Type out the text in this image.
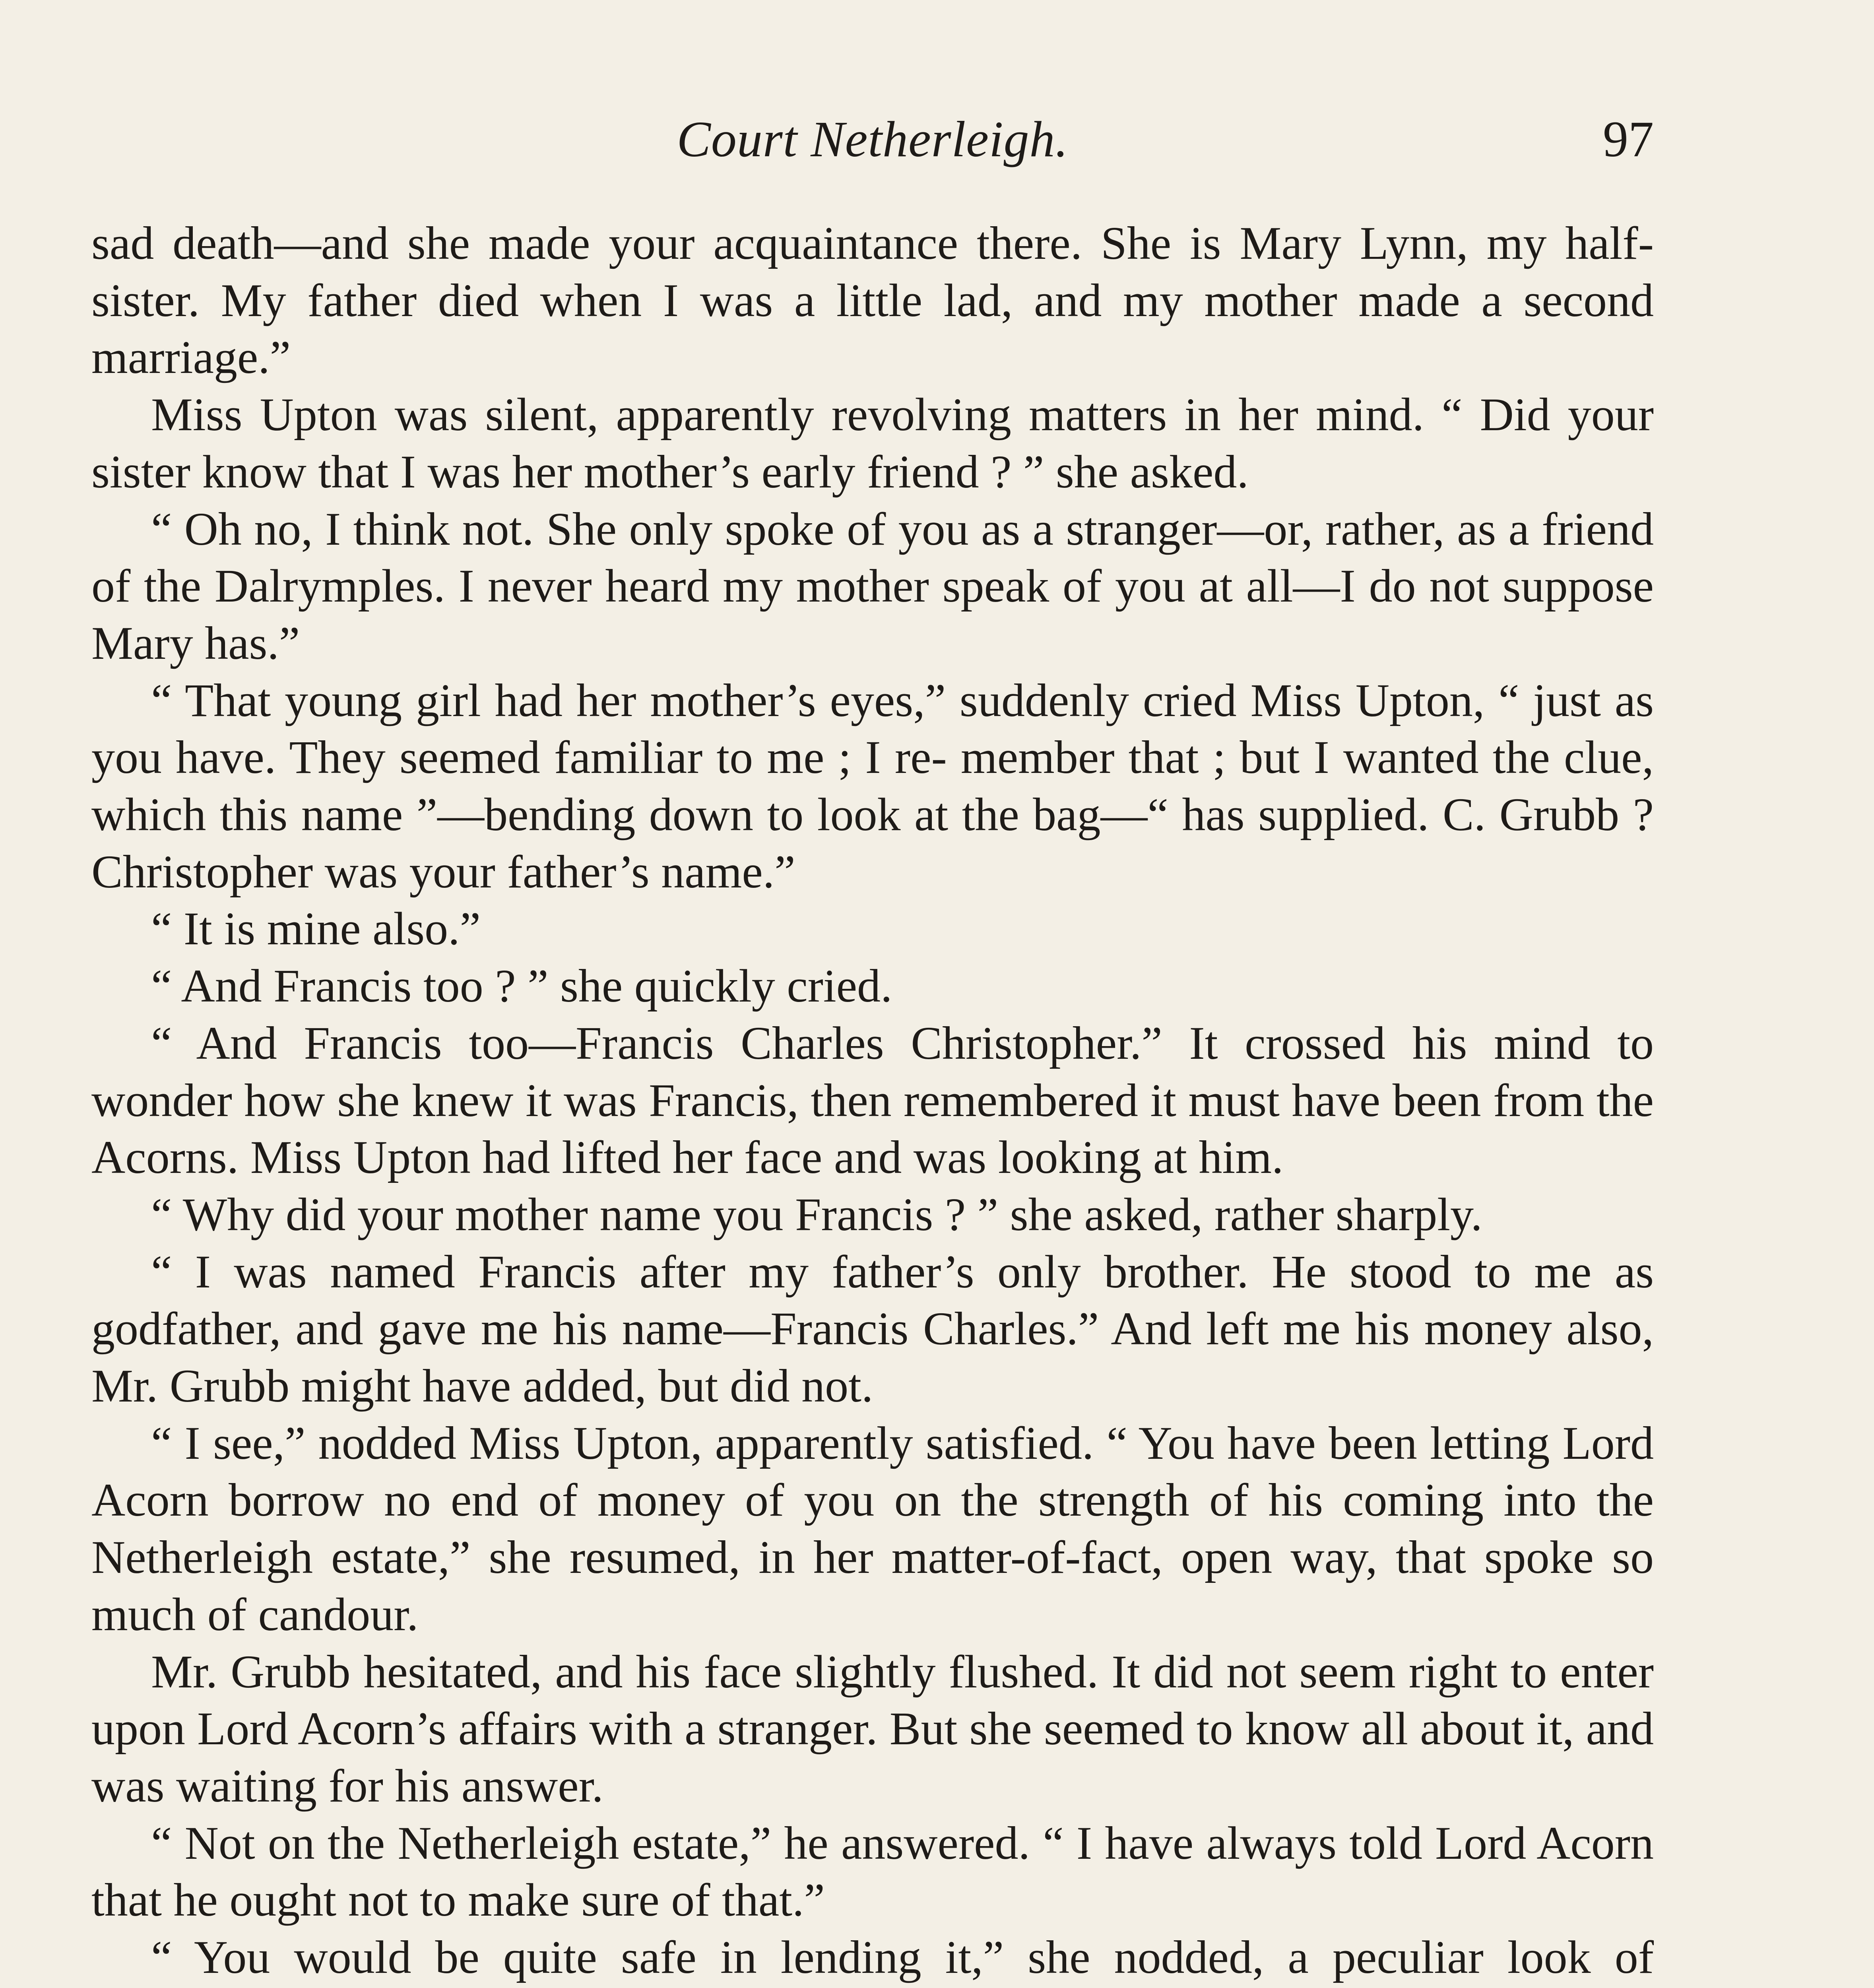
Court Netherleigh.	97

sad death—and she made your acquaintance there. She is Mary Lynn, my half-sister. My father died when I was a little lad, and my mother made a second marriage.”

Miss Upton was silent, apparently revolving matters in her mind. “ Did your sister know that I was her mother’s early friend ? ” she asked.

“ Oh no, I think not. She only spoke of you as a stranger—or, rather, as a friend of the Dalrymples. I never heard my mother speak of you at all—I do not suppose Mary has.”

“ That young girl had her mother’s eyes,” suddenly cried Miss Upton, “ just as you have. They seemed familiar to me ; I re- member that ; but I wanted the clue, which this name ”—bending down to look at the bag—“ has supplied. C. Grubb ? Christopher was your father’s name.”

“ It is mine also.”

“ And Francis too ? ” she quickly cried.

“ And Francis too—Francis Charles Christopher.” It crossed his mind to wonder how she knew it was Francis, then remembered it must have been from the Acorns. Miss Upton had lifted her face and was looking at him.

“ Why did your mother name you Francis ? ” she asked, rather sharply.

“ I was named Francis after my father’s only brother. He stood to me as godfather, and gave me his name—Francis Charles.” And left me his money also, Mr. Grubb might have added, but did not.

“ I see,” nodded Miss Upton, apparently satisfied. “ You have been letting Lord Acorn borrow no end of money of you on the strength of his coming into the Netherleigh estate,” she resumed, in her matter-of-fact, open way, that spoke so much of candour.

Mr. Grubb hesitated, and his face slightly flushed. It did not seem right to enter upon Lord Acorn’s affairs with a stranger. But she seemed to know all about it, and was waiting for his answer.

“ Not on the Netherleigh estate,” he answered. “ I have always told Lord Acorn that he ought not to make sure of that.”

“ You would be quite safe in lending it,” she nodded, a peculiar look of
